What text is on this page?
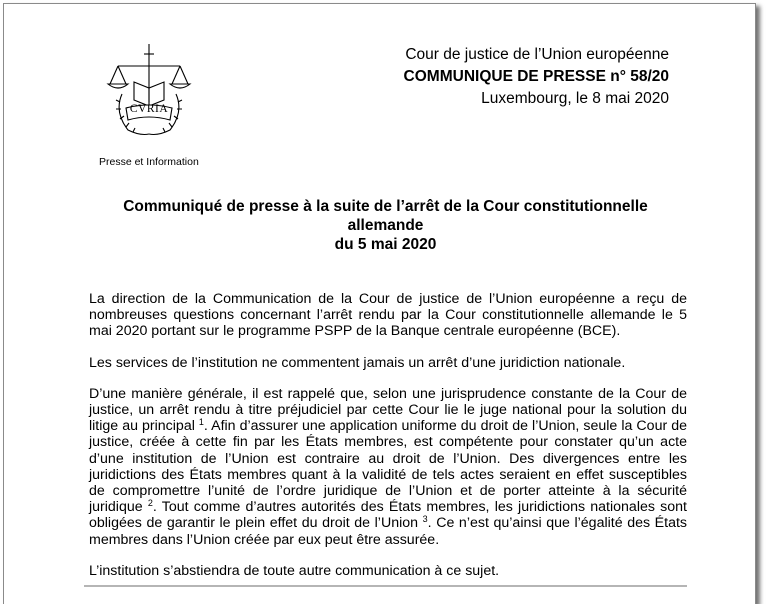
CVRIA
Presse et Information
Cour de justice de l’Union européenne
COMMUNIQUE DE PRESSE n° 58/20
Luxembourg, le 8 mai 2020
Communiqué de presse à la suite de l’arrêt de la Cour constitutionnelle allemande
du 5 mai 2020

La direction de la Communication de la Cour de justice de l’Union européenne a reçu de nombreuses questions concernant l’arrêt rendu par la Cour constitutionnelle allemande le 5 mai 2020 portant sur le programme PSPP de la Banque centrale européenne (BCE).

Les services de l’institution ne commentent jamais un arrêt d’une juridiction nationale.

D’une manière générale, il est rappelé que, selon une jurisprudence constante de la Cour de justice, un arrêt rendu à titre préjudiciel par cette Cour lie le juge national pour la solution du litige au principal $^1$. Afin d’assurer une application uniforme du droit de l’Union, seule la Cour de justice, créée à cette fin par les États membres, est compétente pour constater qu’un acte d’une institution de l’Union est contraire au droit de l’Union. Des divergences entre les juridictions des États membres quant à la validité de tels actes seraient en effet susceptibles de compromettre l’unité de l’ordre juridique de l’Union et de porter atteinte à la sécurité juridique $^2$. Tout comme d’autres autorités des États membres, les juridictions nationales sont obligées de garantir le plein effet du droit de l’Union $^3$. Ce n’est qu’ainsi que l’égalité des États membres dans l’Union créée par eux peut être assurée.

L’institution s’abstiendra de toute autre communication à ce sujet.
